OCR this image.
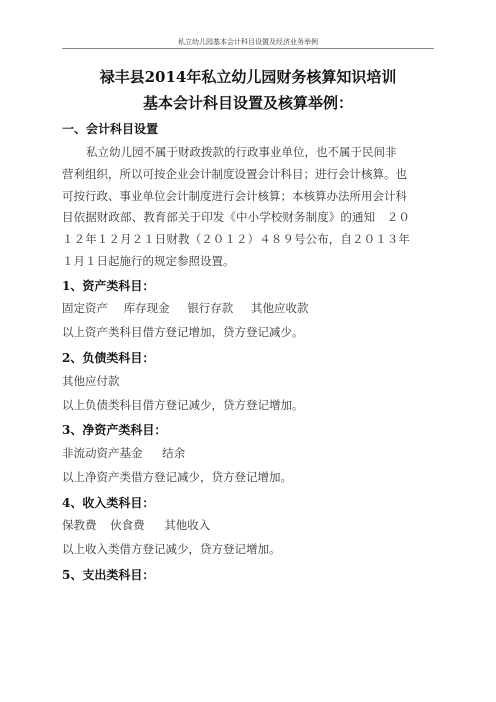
私立幼儿园基本会计科目设置及经济业务举例
禄丰县2014年私立幼儿园财务核算知识培训
基本会计科目设置及核算举例：
一、会计科目设置
私立幼儿园不属于财政拨款的行政事业单位，也不属于民间非
营利组织，所以可按企业会计制度设置会计科目；进行会计核算。也
可按行政、事业单位会计制度进行会计核算；本核算办法所用会计科
目依据财政部、教育部关于印发《中小学校财务制度》的通知　２０
１２年１２月２１日财教（２０１２）４８９号公布，自２０１３年
１月１日起施行的规定参照设置。
1、资产类科目：
固定资产 库存现金 银行存款 其他应收款
以上资产类科目借方登记增加，贷方登记减少。
2、负债类科目：
其他应付款
以上负债类科目借方登记减少，贷方登记增加。
3、净资产类科目：
非流动资产基金 结余
以上净资产类借方登记减少，贷方登记增加。
4、收入类科目：
保教费 伙食费 其他收入
以上收入类借方登记减少，贷方登记增加。
5、支出类科目：
